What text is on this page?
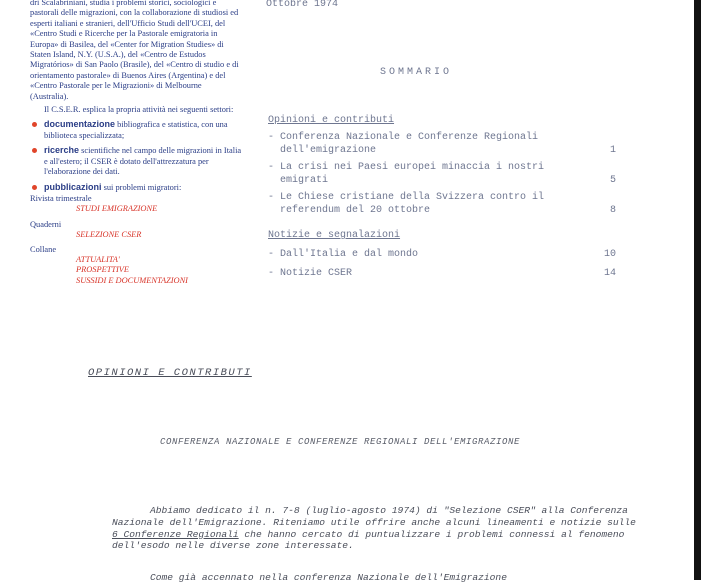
dri Scalabriniani, studia i problemi storici, sociologici e pastorali delle migrazioni, con la collaborazione di studiosi ed esperti italiani e stranieri, dell'Ufficio Studi dell'UCEI, del «Centro Studi e Ricerche per la Pastorale emigratoria in Europa» di Basilea, del «Center for Migration Studies» di Staten Island, N.Y. (U.S.A.), del «Centro de Estudos Migratórios» di San Paolo (Brasile), del «Centro di studio e di orientamento pastorale» di Buenos Aires (Argentina) e del «Centro Pastorale per le Migrazioni» di Melbourne (Australia).

Il C.S.E.R. esplica la propria attività nei seguenti settori:

documentazione bibliografica e statistica, con una biblioteca specializzata;
ricerche scientifiche nel campo delle migrazioni in Italia e all'estero; il CSER è dotato dell'attrezzatura per l'elaborazione dei dati.
pubblicazioni sui problemi migratori:
Rivista trimestrale
STUDI EMIGRAZIONE
Quaderni
SELEZIONE CSER
Collane
ATTUALITA'
PROSPETTIVE
SUSSIDI E DOCUMENTAZIONI
Ottobre 1974
SOMMARIO

Opinioni e contributi

- Conferenza Nazionale e Conferenze Regionali dell'emigrazione	1
- La crisi nei Paesi europei minaccia i nostri emigrati	5
- Le Chiese cristiane della Svizzera contro il referendum del 20 ottobre	8

Notizie e segnalazioni

- Dall'Italia e dal mondo	10
- Notizie CSER	14
OPINIONI E CONTRIBUTI
CONFERENZA NAZIONALE E CONFERENZE REGIONALI DELL'EMIGRAZIONE

Abbiamo dedicato il n. 7-8 (luglio-agosto 1974) di "Selezione CSER" alla Conferenza Nazionale dell'Emigrazione. Riteniamo utile offrire anche alcuni lineamenti e notizie sulle 6 Conferenze Regionali che hanno cercato di puntualizzare i problemi connessi al fenomeno dell'esodo nelle diverse zone interessate.

Come già accennato nella conferenza Nazionale dell'Emigrazione
